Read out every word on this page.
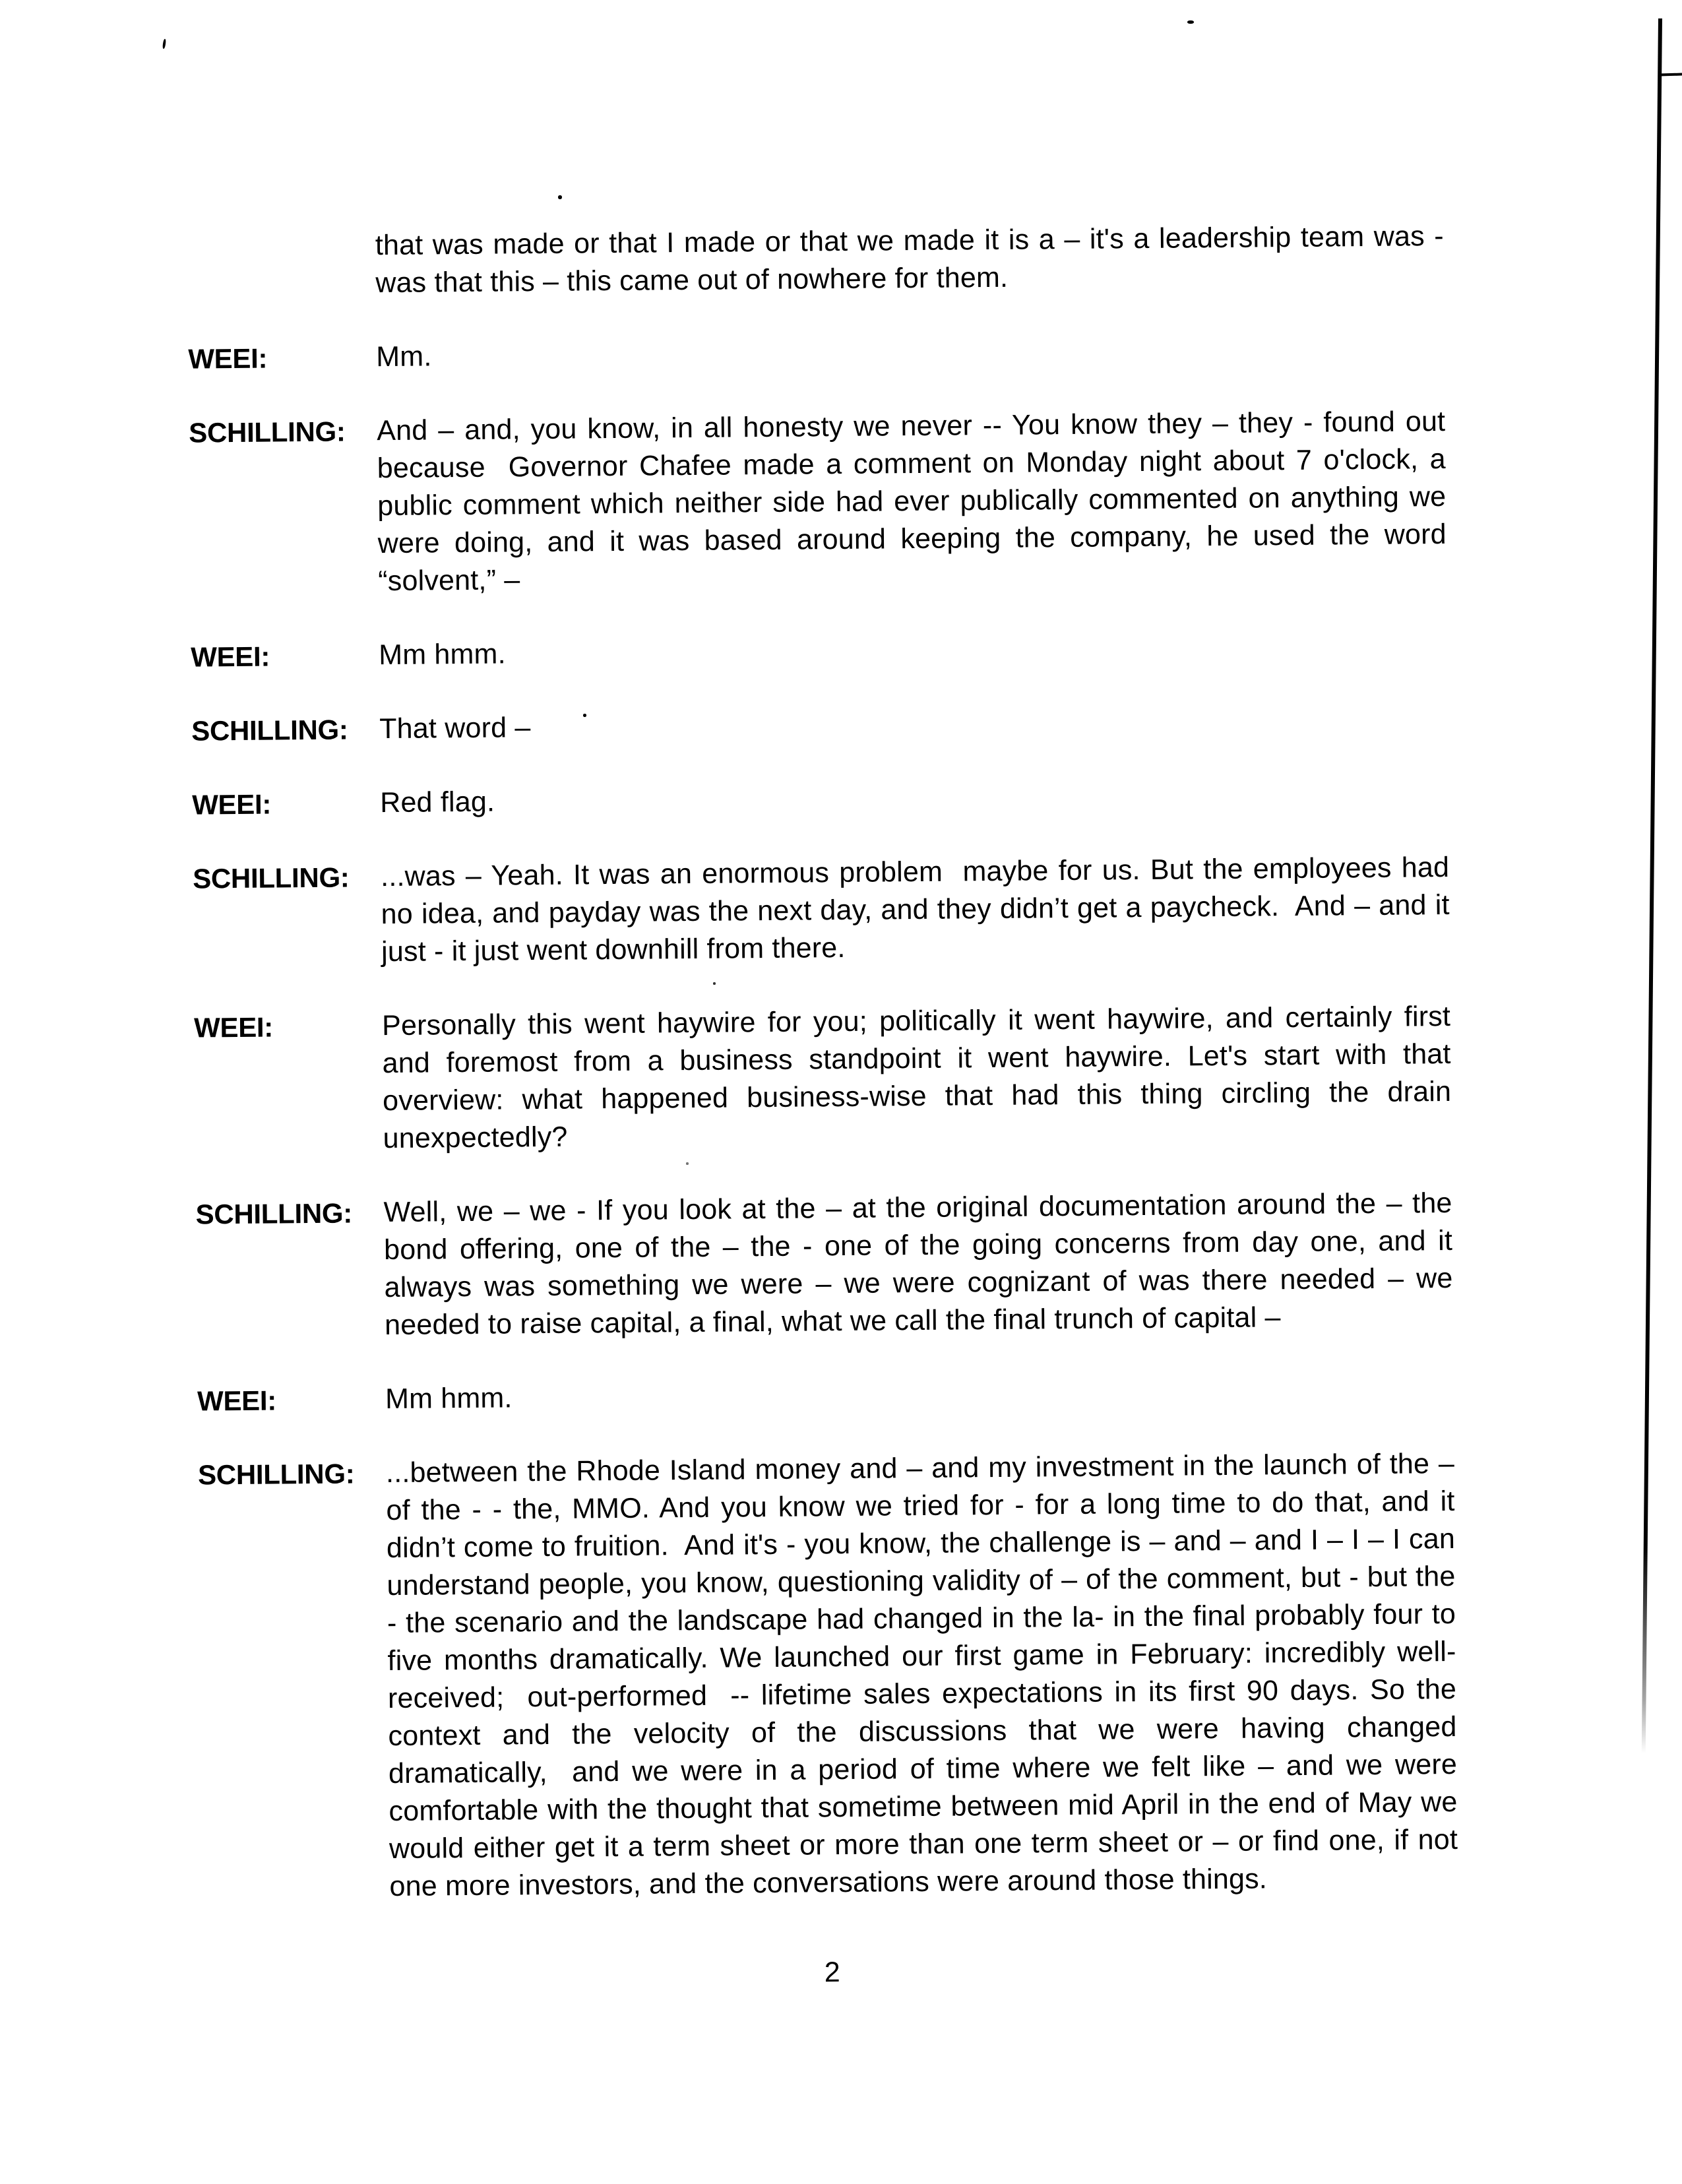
that was made or that I made or that we made it is a – it's a leadership team was - was that this – this came out of nowhere for them.
WEEI:	Mm.
SCHILLING:	And – and, you know, in all honesty we never -- You know they – they - found out because  Governor Chafee made a comment on Monday night about 7 o'clock, a public comment which neither side had ever publically commented on anything we were doing, and it was based around keeping the company, he used the word “solvent,” –
WEEI:	Mm hmm.
SCHILLING:	That word –
WEEI:	Red flag.
SCHILLING:	...was – Yeah. It was an enormous problem  maybe for us. But the employees had no idea, and payday was the next day, and they didn’t get a paycheck.  And – and it just - it just went downhill from there.
WEEI:	Personally this went haywire for you; politically it went haywire, and certainly first and foremost from a business standpoint it went haywire. Let's start with that overview: what happened business-wise that had this thing circling the drain unexpectedly?
SCHILLING:	Well, we – we - If you look at the – at the original documentation around the – the bond offering, one of the – the - one of the going concerns from day one, and it always was something we were – we were cognizant of was there needed – we needed to raise capital, a final, what we call the final trunch of capital –
WEEI:	Mm hmm.
SCHILLING:	...between the Rhode Island money and – and my investment in the launch of the – of the - - the, MMO. And you know we tried for - for a long time to do that, and it didn’t come to fruition.  And it's - you know, the challenge is – and – and I – I – I can understand people, you know, questioning validity of – of the comment, but - but the - the scenario and the landscape had changed in the la- in the final probably four to five months dramatically. We launched our first game in February: incredibly well-received;  out-performed  -- lifetime sales expectations in its first 90 days. So the context and the velocity of the discussions that we were having changed dramatically,  and we were in a period of time where we felt like – and we were comfortable with the thought that sometime between mid April in the end of May we would either get it a term sheet or more than one term sheet or – or find one, if not one more investors, and the conversations were around those things.
2
